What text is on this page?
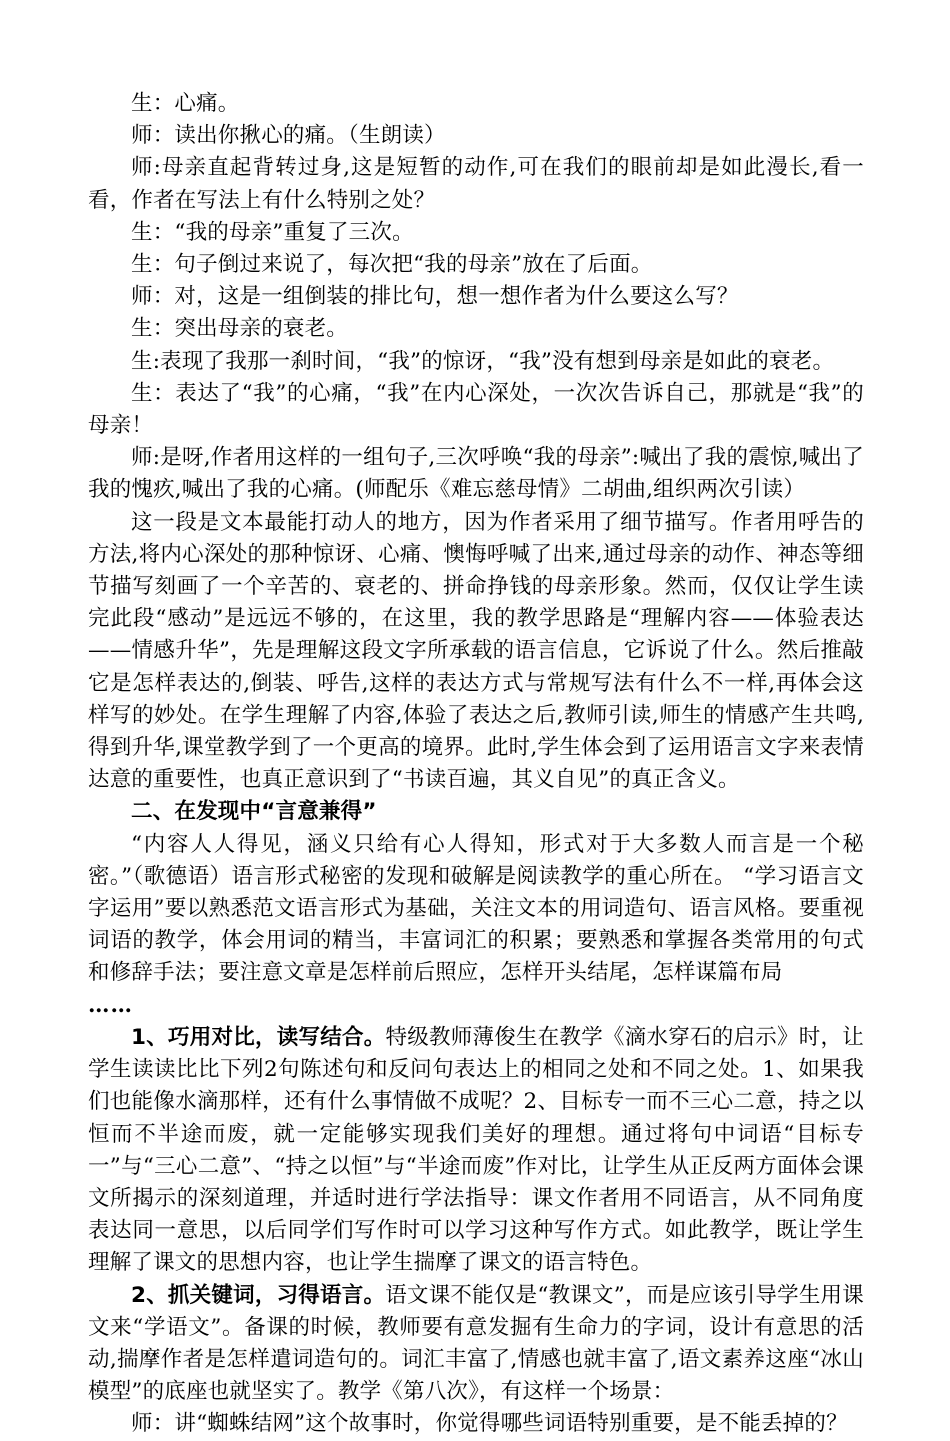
生：心痛。

师：读出你揪心的痛。（生朗读）

师:母亲直起背转过身,这是短暂的动作,可在我们的眼前却是如此漫长,看一看，作者在写法上有什么特别之处？

生：“我的母亲”重复了三次。

生：句子倒过来说了，每次把“我的母亲”放在了后面。

师：对，这是一组倒装的排比句，想一想作者为什么要这么写？

生：突出母亲的衰老。

生:表现了我那一刹时间，“我”的惊讶，“我”没有想到母亲是如此的衰老。

生：表达了“我”的心痛，“我”在内心深处，一次次告诉自己，那就是“我”的母亲！

师:是呀,作者用这样的一组句子,三次呼唤“我的母亲”:喊出了我的震惊,喊出了我的愧疚,喊出了我的心痛。(师配乐《难忘慈母情》二胡曲,组织两次引读）

这一段是文本最能打动人的地方，因为作者采用了细节描写。作者用呼告的方法,将内心深处的那种惊讶、心痛、懊悔呼喊了出来,通过母亲的动作、神态等细节描写刻画了一个辛苦的、衰老的、拼命挣钱的母亲形象。然而，仅仅让学生读完此段“感动”是远远不够的，在这里，我的教学思路是“理解内容——体验表达——情感升华”，先是理解这段文字所承载的语言信息，它诉说了什么。然后推敲它是怎样表达的,倒装、呼告,这样的表达方式与常规写法有什么不一样,再体会这样写的妙处。在学生理解了内容,体验了表达之后,教师引读,师生的情感产生共鸣,得到升华,课堂教学到了一个更高的境界。此时,学生体会到了运用语言文字来表情达意的重要性，也真正意识到了“书读百遍，其义自见”的真正含义。

二、在发现中“言意兼得”

“内容人人得见，涵义只给有心人得知，形式对于大多数人而言是一个秘密。”（歌德语）语言形式秘密的发现和破解是阅读教学的重心所在。 “学习语言文字运用”要以熟悉范文语言形式为基础，关注文本的用词造句、语言风格。要重视词语的教学，体会用词的精当，丰富词汇的积累；要熟悉和掌握各类常用的句式和修辞手法；要注意文章是怎样前后照应，怎样开头结尾，怎样谋篇布局

……

1、巧用对比，读写结合。特级教师薄俊生在教学《滴水穿石的启示》时，让学生读读比比下列2句陈述句和反问句表达上的相同之处和不同之处。1、如果我们也能像水滴那样，还有什么事情做不成呢？2、目标专一而不三心二意，持之以恒而不半途而废，就一定能够实现我们美好的理想。通过将句中词语“目标专一”与“三心二意”、“持之以恒”与“半途而废”作对比，让学生从正反两方面体会课文所揭示的深刻道理，并适时进行学法指导：课文作者用不同语言，从不同角度表达同一意思，以后同学们写作时可以学习这种写作方式。如此教学，既让学生理解了课文的思想内容，也让学生揣摩了课文的语言特色。

2、抓关键词，习得语言。语文课不能仅是“教课文”，而是应该引导学生用课文来“学语文”。备课的时候，教师要有意发掘有生命力的字词，设计有意思的活动,揣摩作者是怎样遣词造句的。词汇丰富了,情感也就丰富了,语文素养这座“冰山模型”的底座也就坚实了。教学《第八次》，有这样一个场景：

师：讲“蜘蛛结网”这个故事时，你觉得哪些词语特别重要，是不能丢掉的？
